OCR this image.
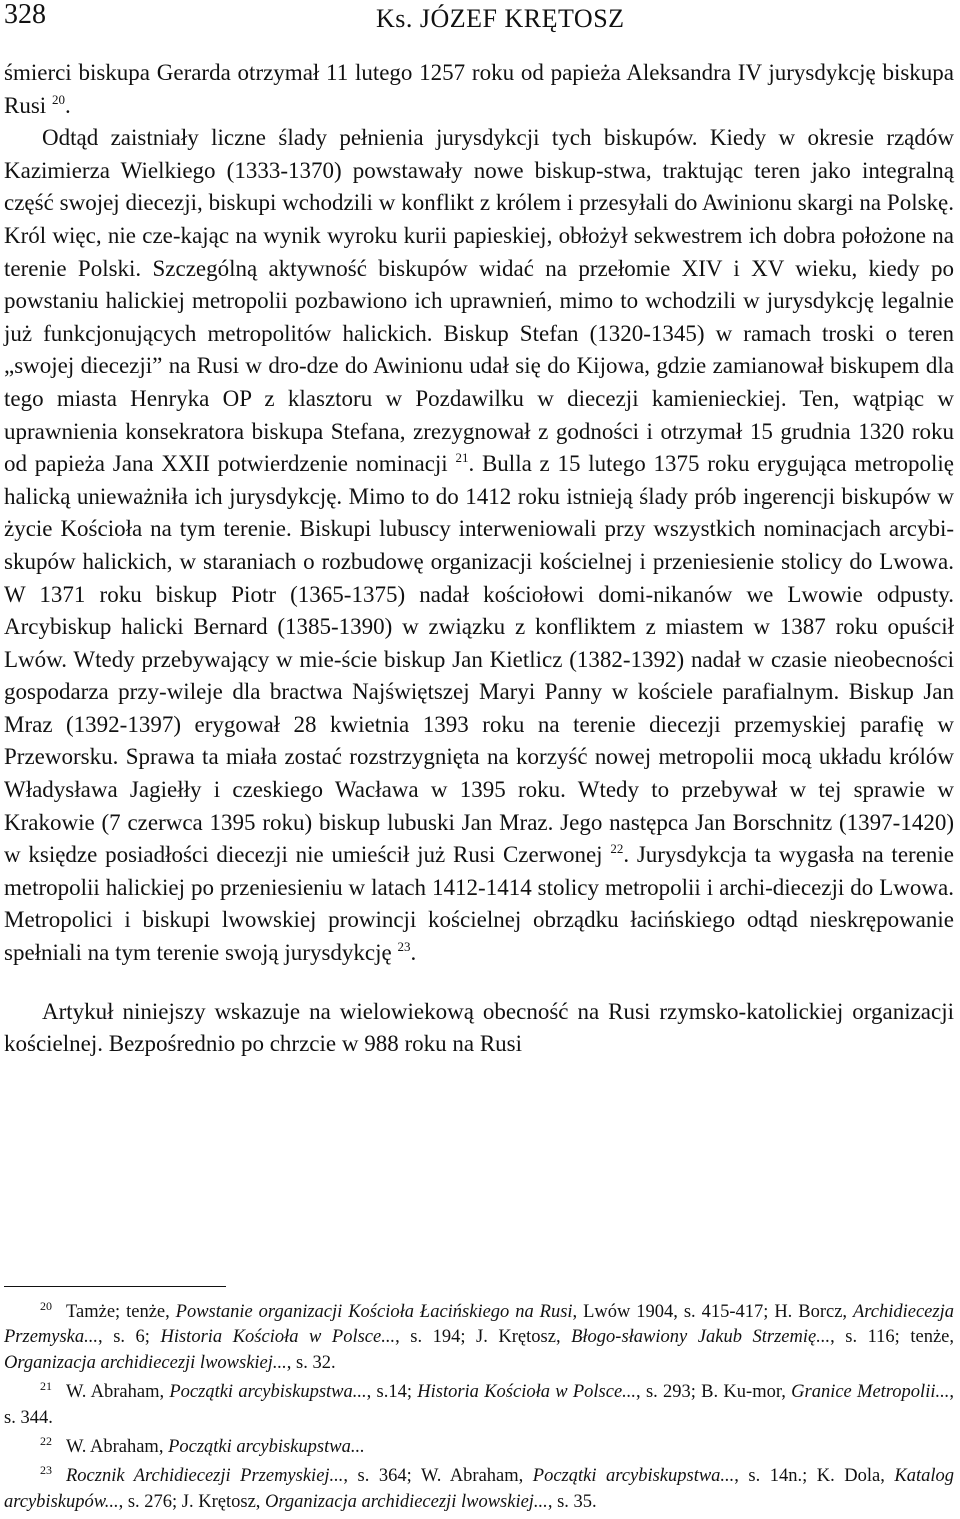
328	Ks. JÓZEF KRĘTOSZ

śmierci biskupa Gerarda otrzymał 11 lutego 1257 roku od papieża Aleksandra IV jurysdykcję biskupa Rusi $^{20}$.

Odtąd zaistniały liczne ślady pełnienia jurysdykcji tych biskupów. Kiedy w okresie rządów Kazimierza Wielkiego (1333-1370) powstawały nowe biskup-stwa, traktując teren jako integralną część swojej diecezji, biskupi wchodzili w konflikt z królem i przesyłali do Awinionu skargi na Polskę. Król więc, nie cze-kając na wynik wyroku kurii papieskiej, obłożył sekwestrem ich dobra położone na terenie Polski. Szczególną aktywność biskupów widać na przełomie XIV i XV wieku, kiedy po powstaniu halickiej metropolii pozbawiono ich uprawnień, mimo to wchodzili w jurysdykcję legalnie już funkcjonujących metropolitów halickich. Biskup Stefan (1320-1345) w ramach troski o teren „swojej diecezji” na Rusi w dro-dze do Awinionu udał się do Kijowa, gdzie zamianował biskupem dla tego miasta Henryka OP z klasztoru w Pozdawilku w diecezji kamienieckiej. Ten, wątpiąc w uprawnienia konsekratora biskupa Stefana, zrezygnował z godności i otrzymał 15 grudnia 1320 roku od papieża Jana XXII potwierdzenie nominacji $^{21}$. Bulla z 15 lutego 1375 roku erygująca metropolię halicką unieważniła ich jurysdykcję. Mimo to do 1412 roku istnieją ślady prób ingerencji biskupów w życie Kościoła na tym terenie. Biskupi lubuscy interweniowali przy wszystkich nominacjach arcybi-skupów halickich, w staraniach o rozbudowę organizacji kościelnej i przeniesienie stolicy do Lwowa. W 1371 roku biskup Piotr (1365-1375) nadał kościołowi domi-nikanów we Lwowie odpusty. Arcybiskup halicki Bernard (1385-1390) w związku z konfliktem z miastem w 1387 roku opuścił Lwów. Wtedy przebywający w mie-ście biskup Jan Kietlicz (1382-1392) nadał w czasie nieobecności gospodarza przy-wileje dla bractwa Najświętszej Maryi Panny w kościele parafialnym. Biskup Jan Mraz (1392-1397) erygował 28 kwietnia 1393 roku na terenie diecezji przemyskiej parafię w Przeworsku. Sprawa ta miała zostać rozstrzygnięta na korzyść nowej metropolii mocą układu królów Władysława Jagiełły i czeskiego Wacława w 1395 roku. Wtedy to przebywał w tej sprawie w Krakowie (7 czerwca 1395 roku) biskup lubuski Jan Mraz. Jego następca Jan Borschnitz (1397-1420) w księdze posiadłości diecezji nie umieścił już Rusi Czerwonej $^{22}$. Jurysdykcja ta wygasła na terenie metropolii halickiej po przeniesieniu w latach 1412-1414 stolicy metropolii i archi-diecezji do Lwowa. Metropolici i biskupi lwowskiej prowincji kościelnej obrządku łacińskiego odtąd nieskrępowanie spełniali na tym terenie swoją jurysdykcję $^{23}$.

Artykuł niniejszy wskazuje na wielowiekową obecność na Rusi rzymsko-katolickiej organizacji kościelnej. Bezpośrednio po chrzcie w 988 roku na Rusi

20 Tamże; tenże, Powstanie organizacji Kościoła Łacińskiego na Rusi, Lwów 1904, s. 415-417; H. Borcz, Archidiecezja Przemyska..., s. 6; Historia Kościoła w Polsce..., s. 194; J. Krętosz, Błogo-sławiony Jakub Strzemię..., s. 116; tenże, Organizacja archidiecezji lwowskiej..., s. 32.

21 W. Abraham, Początki arcybiskupstwa..., s.14; Historia Kościoła w Polsce..., s. 293; B. Ku-mor, Granice Metropolii..., s. 344.

22 W. Abraham, Początki arcybiskupstwa...

23 Rocznik Archidiecezji Przemyskiej..., s. 364; W. Abraham, Początki arcybiskupstwa..., s. 14n.; K. Dola, Katalog arcybiskupów..., s. 276; J. Krętosz, Organizacja archidiecezji lwowskiej..., s. 35.
